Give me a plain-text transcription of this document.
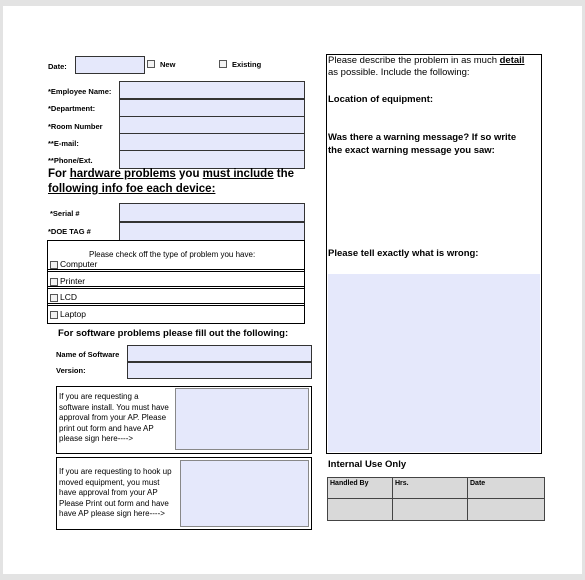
Date:	New	Existing
*Employee Name:
*Department:
*Room Number
**E-mail:
**Phone/Ext.
For hardware problems you must include the
following info foe each device:
*Serial #
*DOE TAG #
Please check off the type of problem you have:
Computer
Printer
LCD
Laptop
For software problems please fill out the following:
Name of Software
Version:
If you are requesting a
software install. You must have
approval from your AP. Please
print out form and have AP
please sign here---->
If you are requesting to hook up
moved equipment, you must
have approval from your AP
Please Print out form and have
have AP please sign here---->
Please describe the problem in as much detail
as possible. Include the following:
Location of equipment:
Was there a warning message? If so write
the exact warning message you saw:
Please tell exactly what is wrong:
Internal Use Only
Handled By	Hrs.	Date
